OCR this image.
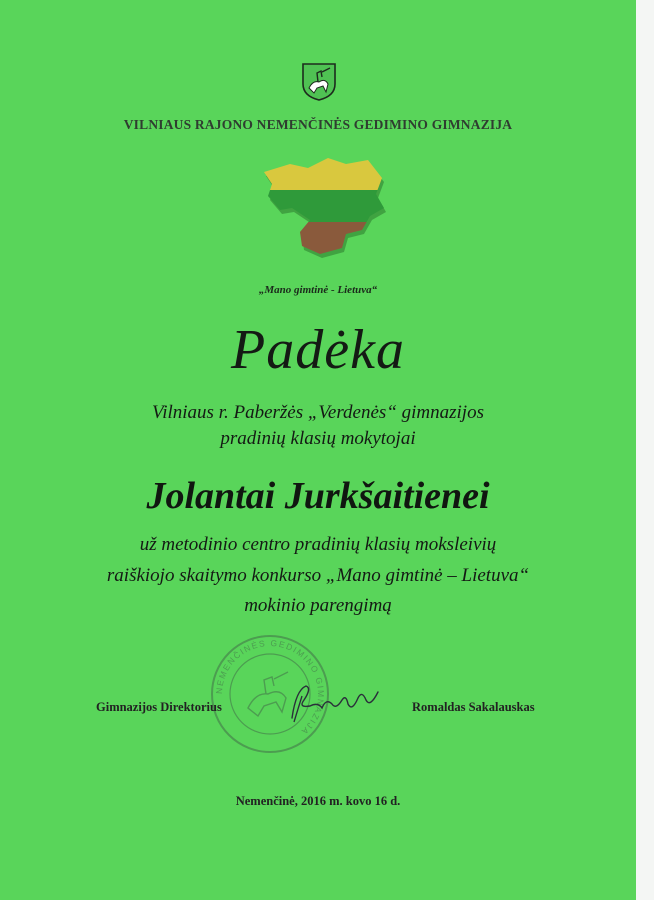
VILNIAUS RAJONO NEMENČINĖS GEDIMINO GIMNAZIJA
„Mano gimtinė - Lietuva“
Padėka
Vilniaus r. Paberžės „Verdenės“ gimnazijos
pradinių klasių mokytojai
Jolantai Jurkšaitienei
už metodinio centro pradinių klasių moksleivių
raiškiojo skaitymo konkurso „Mano gimtinė – Lietuva“
mokinio parengimą
NEMENČINĖS GEDIMINO GIMNAZIJA
Gimnazijos Direktorius	Romaldas Sakalauskas
Nemenčinė, 2016 m. kovo 16 d.
